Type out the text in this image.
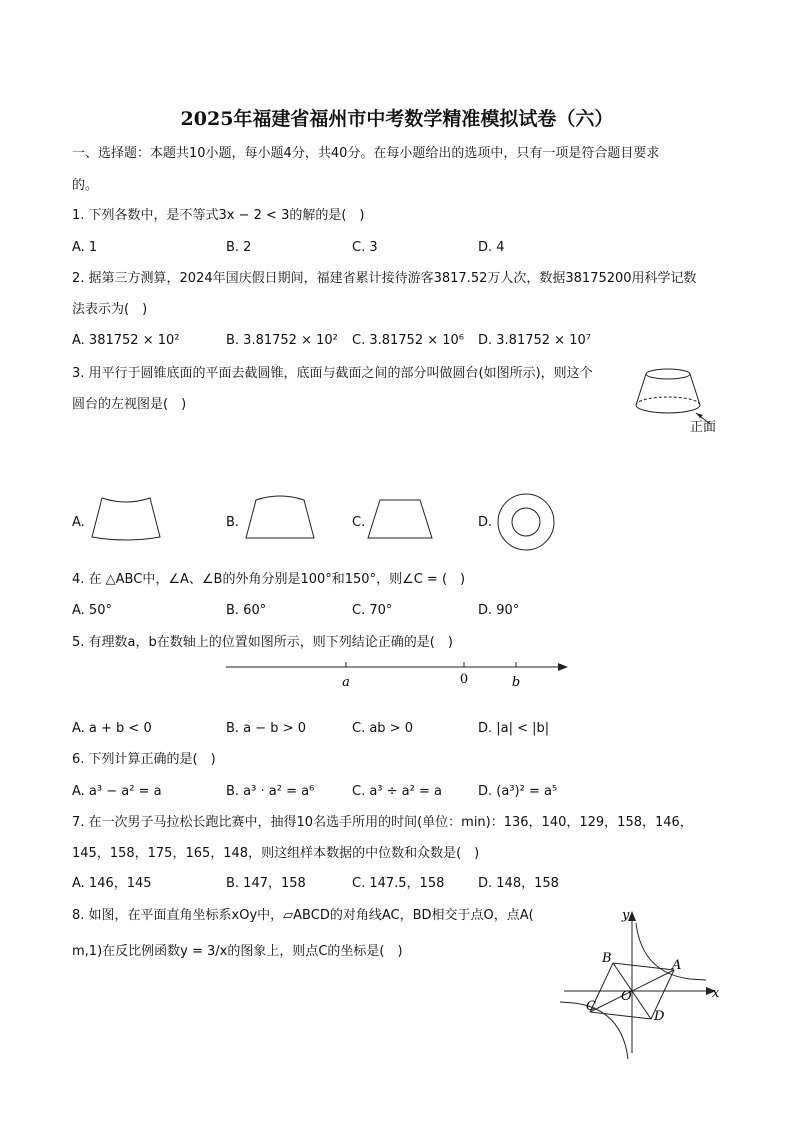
2025年福建省福州市中考数学精准模拟试卷（六）
一、选择题：本题共10小题，每小题4分，共40分。在每小题给出的选项中，只有一项是符合题目要求
的。
1. 下列各数中，是不等式3x − 2 < 3的解的是(　)
A. 1	B. 2	C. 3	D. 4
2. 据第三方测算，2024年国庆假日期间，福建省累计接待游客3817.52万人次，数据38175200用科学记数
法表示为(　)
A. 381752 × 10²	B. 3.81752 × 10² C. 3.81752 × 10⁶ D. 3.81752 × 10⁷
3. 用平行于圆锥底面的平面去截圆锥，底面与截面之间的部分叫做圆台(如图所示)，则这个
圆台的左视图是(　)
正面
A.	B.	C.	D.
4. 在 △ABC中，∠A、∠B的外角分别是100°和150°，则∠C = (　)
A. 50°	B. 60°	C. 70°	D. 90°
5. 有理数a，b在数轴上的位置如图所示，则下列结论正确的是(　)
a	0	b
A. a + b < 0	B. a − b > 0	C. ab > 0	D. |a| < |b|
6. 下列计算正确的是(　)
A. a³ − a² = a	B. a³ · a² = a⁶	C. a³ ÷ a² = a	D. (a³)² = a⁵
7. 在一次男子马拉松长跑比赛中，抽得10名选手所用的时间(单位：min)：136，140，129，158，146，
145，158，175，165，148，则这组样本数据的中位数和众数是(　)
A. 146，145	B. 147，158	C. 147.5，158	D. 148，158
8. 如图，在平面直角坐标系xOy中，▱ABCD的对角线AC，BD相交于点O，点A(
m,1)在反比例函数y = 3/x的图象上，则点C的坐标是(　)
y
x
A
B
C
D
O
